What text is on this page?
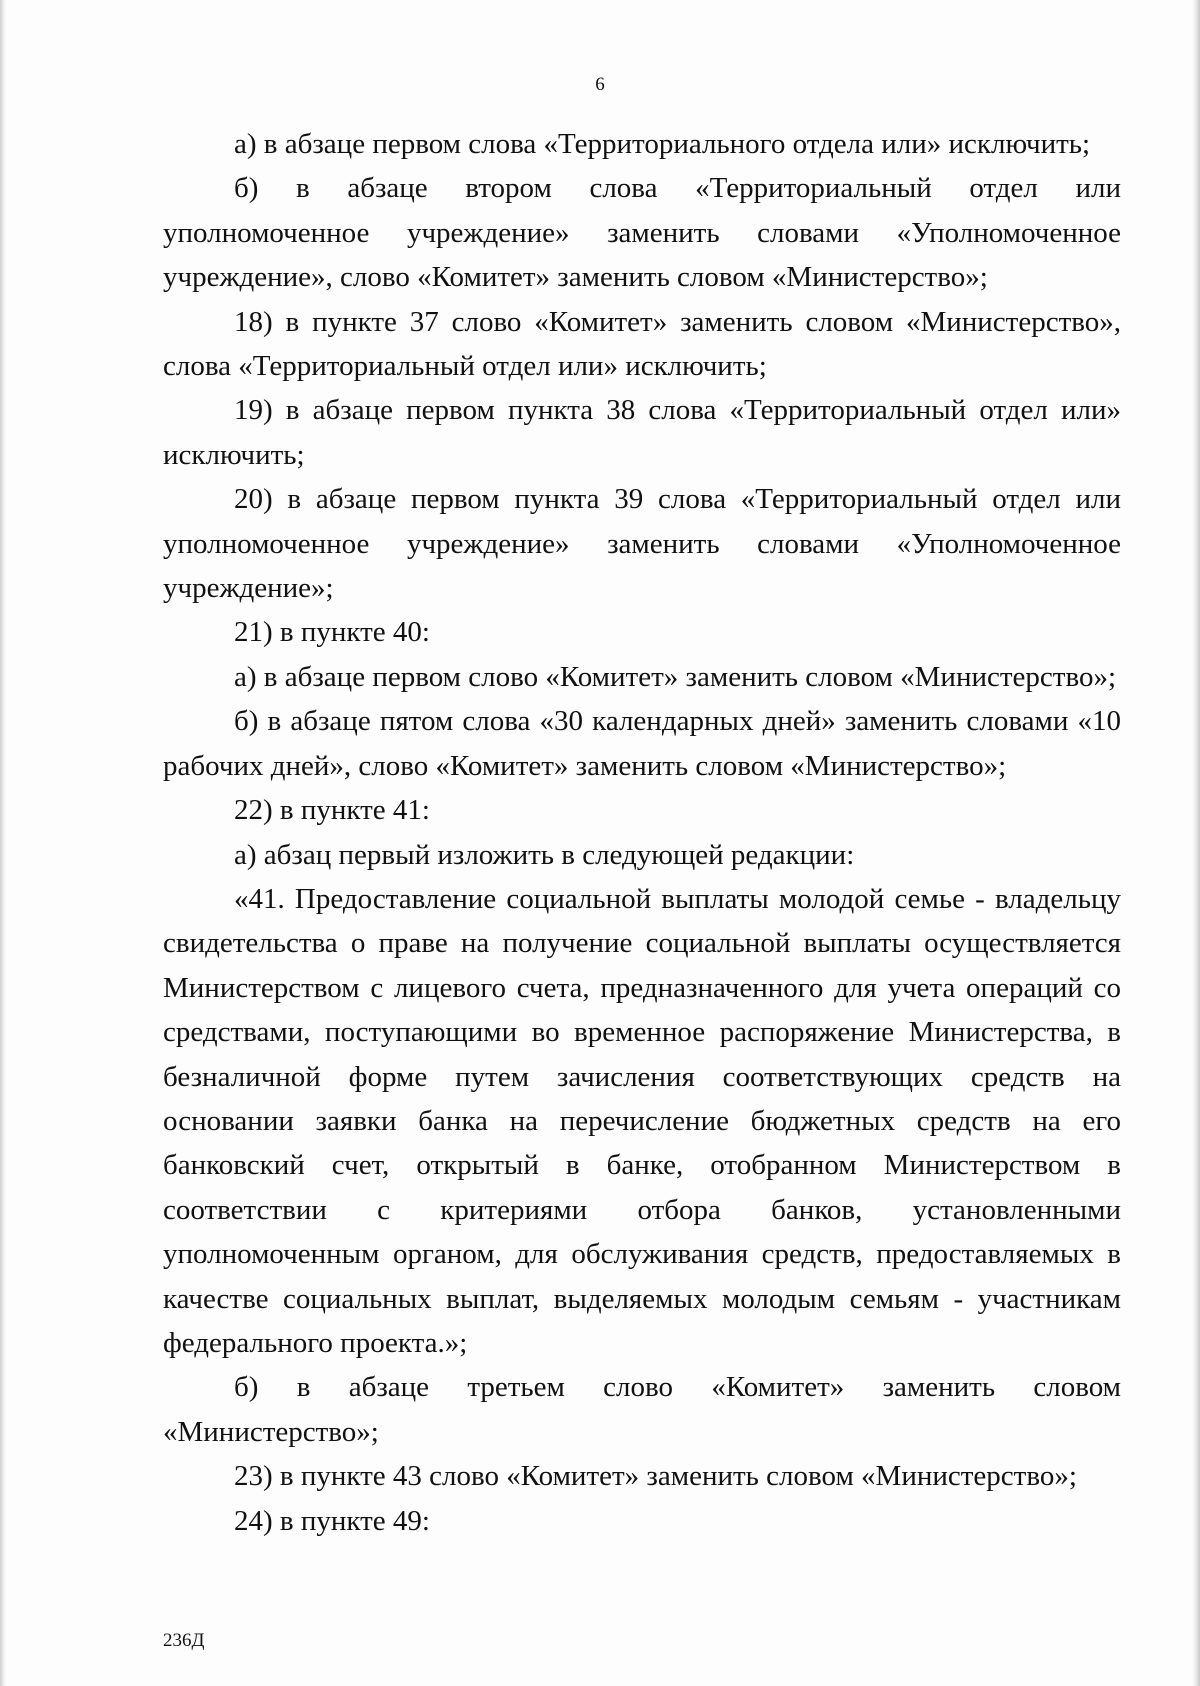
6

а) в абзаце первом слова «Территориального отдела или» исключить;

б) в абзаце втором слова «Территориальный отдел или уполномоченное учреждение» заменить словами «Уполномоченное учреждение», слово «Комитет» заменить словом «Министерство»;

18) в пункте 37 слово «Комитет» заменить словом «Министерство», слова «Территориальный отдел или» исключить;

19) в абзаце первом пункта 38 слова «Территориальный отдел или» исключить;

20) в абзаце первом пункта 39 слова «Территориальный отдел или уполномоченное учреждение» заменить словами «Уполномоченное учреждение»;

21) в пункте 40:

а) в абзаце первом слово «Комитет» заменить словом «Министерство»;

б) в абзаце пятом слова «30 календарных дней» заменить словами «10 рабочих дней», слово «Комитет» заменить словом «Министерство»;

22) в пункте 41:

а) абзац первый изложить в следующей редакции:

«41. Предоставление социальной выплаты молодой семье - владельцу свидетельства о праве на получение социальной выплаты осуществляется Министерством с лицевого счета, предназначенного для учета операций со средствами, поступающими во временное распоряжение Министерства, в безналичной форме путем зачисления соответствующих средств на основании заявки банка на перечисление бюджетных средств на его банковский счет, открытый в банке, отобранном Министерством в соответствии с критериями отбора банков, установленными уполномоченным органом, для обслуживания средств, предоставляемых в качестве социальных выплат, выделяемых молодым семьям - участникам федерального проекта.»;

б) в абзаце третьем слово «Комитет» заменить словом «Министерство»;

23) в пункте 43 слово «Комитет» заменить словом «Министерство»;

24) в пункте 49:

236Д
